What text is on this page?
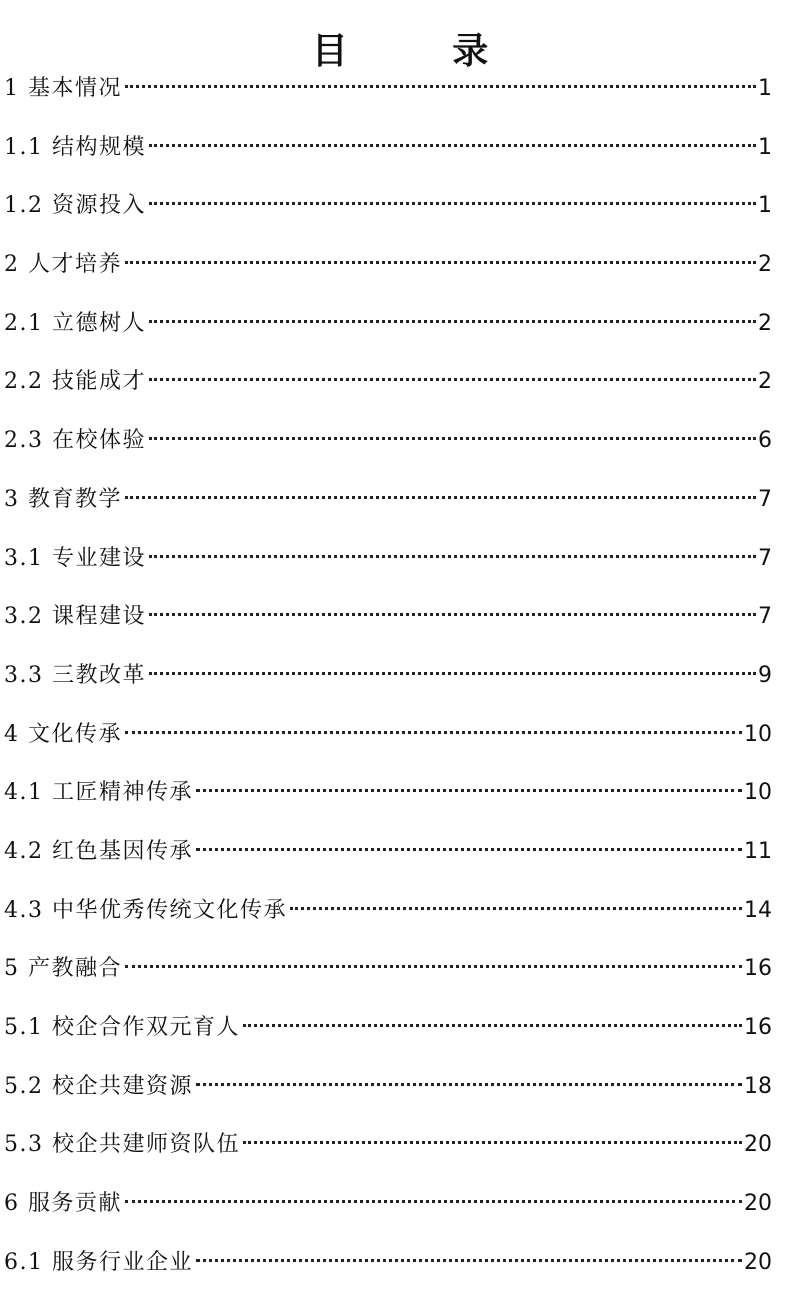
目 录
1 基本情况	1
1.1 结构规模	1
1.2 资源投入	1
2 人才培养	2
2.1 立德树人	2
2.2 技能成才	2
2.3 在校体验	6
3 教育教学	7
3.1 专业建设	7
3.2 课程建设	7
3.3 三教改革	9
4 文化传承	10
4.1 工匠精神传承	10
4.2 红色基因传承	11
4.3 中华优秀传统文化传承	14
5 产教融合	16
5.1 校企合作双元育人	16
5.2 校企共建资源	18
5.3 校企共建师资队伍	20
6 服务贡献	20
6.1 服务行业企业	20
